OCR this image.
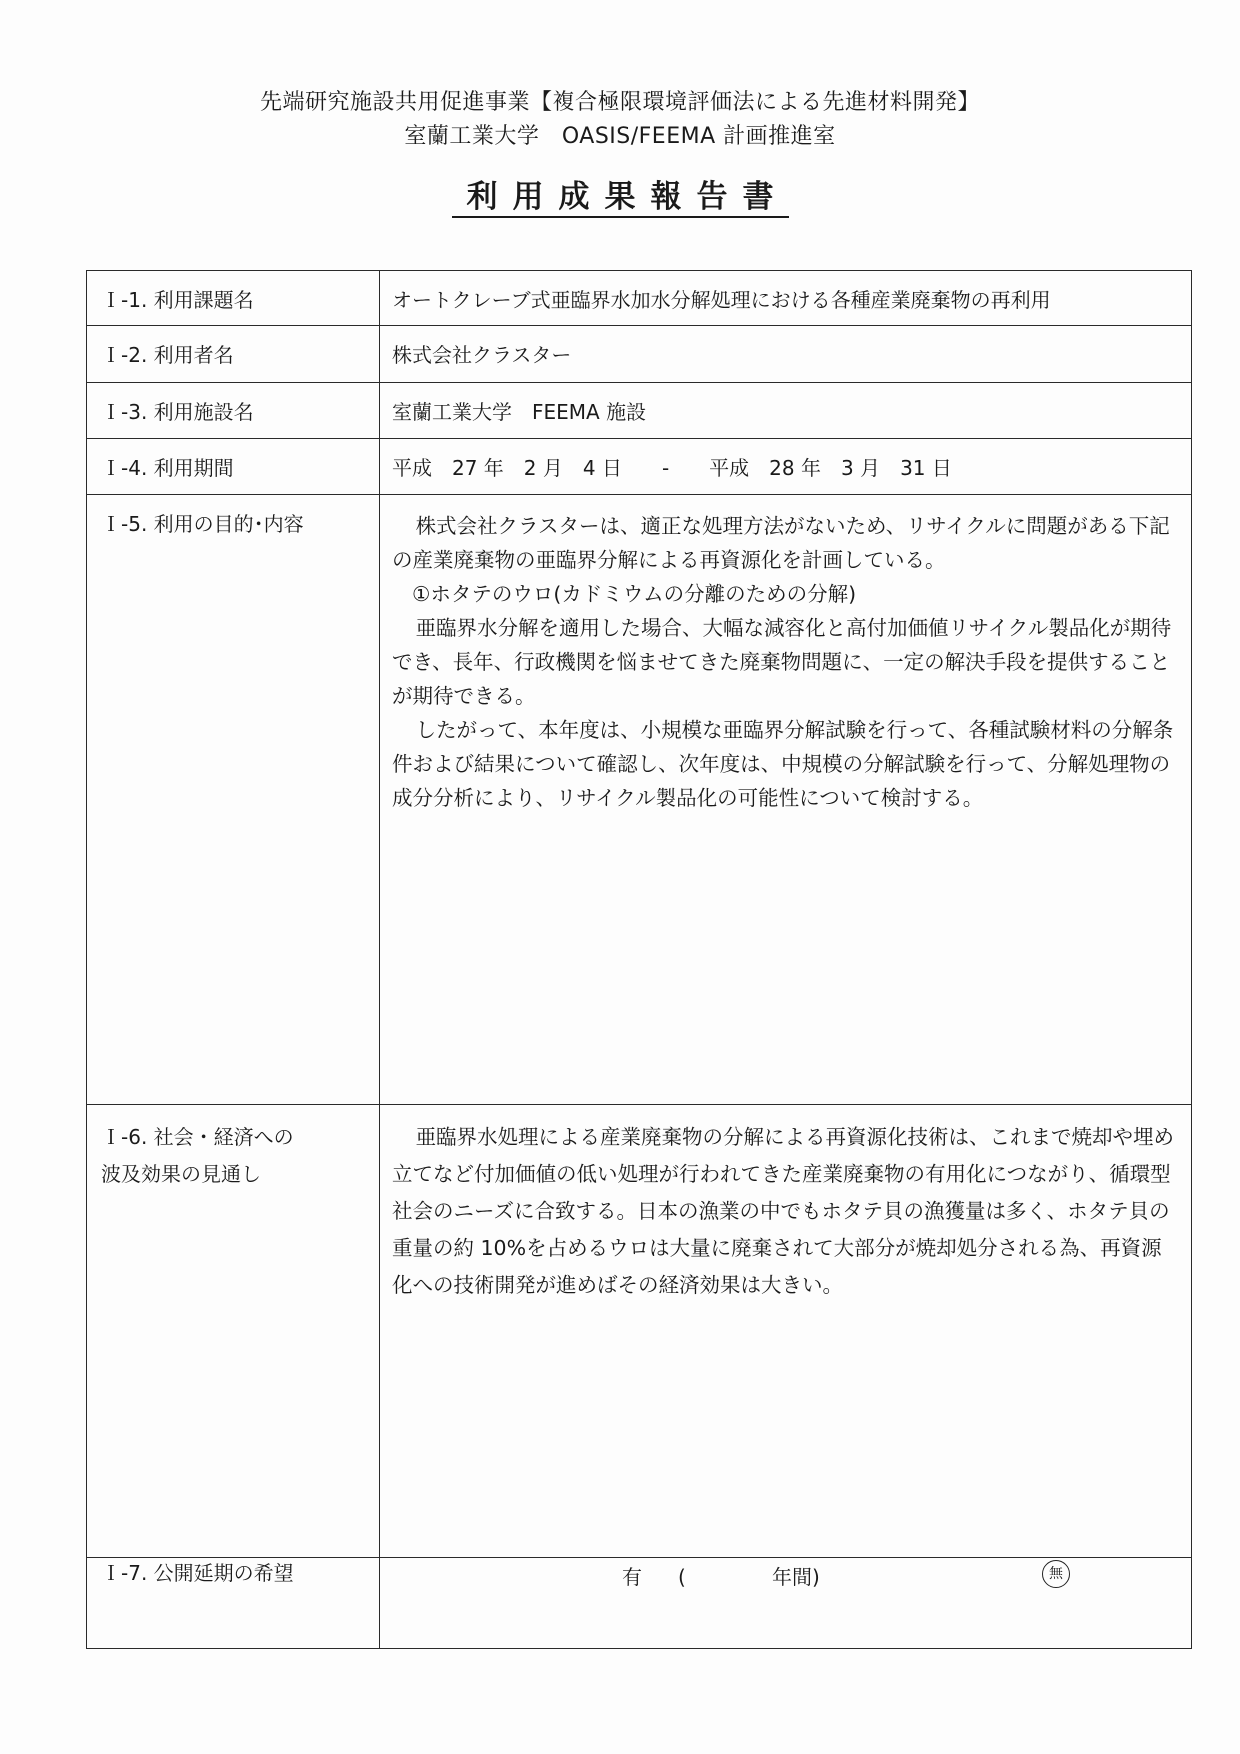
先端研究施設共用促進事業【複合極限環境評価法による先進材料開発】
室蘭工業大学　OASIS/FEEMA 計画推進室
利用成果報告書
Ｉ-1. 利用課題名	オートクレーブ式亜臨界水加水分解処理における各種産業廃棄物の再利用
Ｉ-2. 利用者名	株式会社クラスター
Ｉ-3. 利用施設名	室蘭工業大学　FEEMA 施設
Ｉ-4. 利用期間	平成　27 年　2 月　4 日　　-　　平成　28 年　3 月　31 日
Ｉ-5. 利用の目的･内容	株式会社クラスターは、適正な処理方法がないため、リサイクルに問題がある下記の産業廃棄物の亜臨界分解による再資源化を計画している。

①ホタテのウロ(カドミウムの分離のための分解)

亜臨界水分解を適用した場合、大幅な減容化と高付加価値リサイクル製品化が期待でき、長年、行政機関を悩ませてきた廃棄物問題に、一定の解決手段を提供することが期待できる。

したがって、本年度は、小規模な亜臨界分解試験を行って、各種試験材料の分解条件および結果について確認し、次年度は、中規模の分解試験を行って、分解処理物の成分分析により、リサイクル製品化の可能性について検討する。

Ｉ-6. 社会・経済への
波及効果の見通し	亜臨界水処理による産業廃棄物の分解による再資源化技術は、これまで焼却や埋め立てなど付加価値の低い処理が行われてきた産業廃棄物の有用化につながり、循環型社会のニーズに合致する。日本の漁業の中でもホタテ貝の漁獲量は多く、ホタテ貝の重量の約 10%を占めるウロは大量に廃棄されて大部分が焼却処分される為、再資源化への技術開発が進めばその経済効果は大きい。

Ｉ-7. 公開延期の希望	有 ( 年間) 無
